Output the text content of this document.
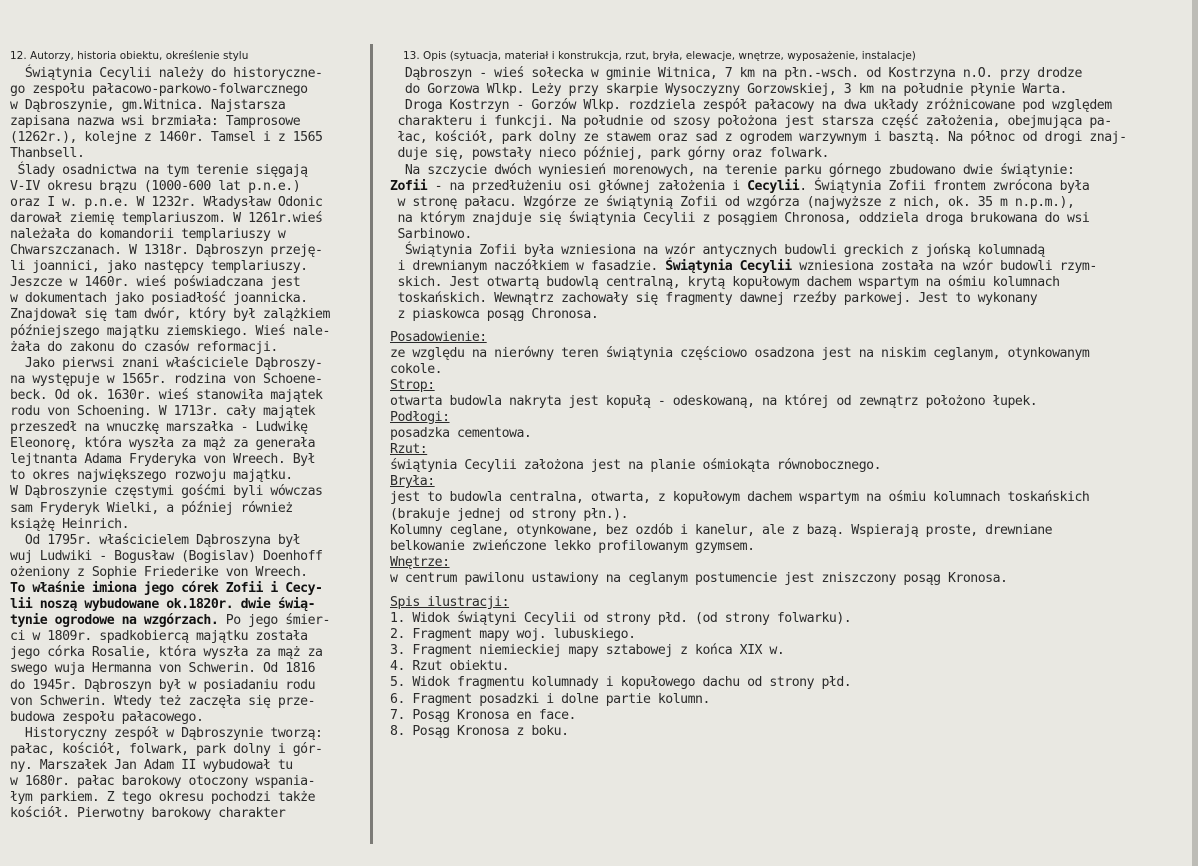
12. Autorzy, historia obiektu, określenie stylu	13. Opis (sytuacja, materiał i konstrukcja, rzut, bryła, elewacje, wnętrze, wyposażenie, instalacje)
Świątynia Cecylii należy do historyczne-
go zespołu pałacowo-parkowo-folwarcznego
w Dąbroszynie, gm.Witnica. Najstarsza
zapisana nazwa wsi brzmiała: Tamprosowe
(1262r.), kolejne z 1460r. Tamsel i z 1565
Thanbsell.
Ślady osadnictwa na tym terenie sięgają
V-IV okresu brązu (1000-600 lat p.n.e.)
oraz I w. p.n.e. W 1232r. Władysław Odonic
darował ziemię templariuszom. W 1261r.wieś
należała do komandorii templariuszy w
Chwarszczanach. W 1318r. Dąbroszyn przeję-
li joannici, jako następcy templariuszy.
Jeszcze w 1460r. wieś poświadczana jest
w dokumentach jako posiadłość joannicka.
Znajdował się tam dwór, który był zalążkiem
późniejszego majątku ziemskiego. Wieś nale-
żała do zakonu do czasów reformacji.
Jako pierwsi znani właściciele Dąbroszy-
na występuje w 1565r. rodzina von Schoene-
beck. Od ok. 1630r. wieś stanowiła majątek
rodu von Schoening. W 1713r. cały majątek
przeszedł na wnuczkę marszałka - Ludwikę
Eleonorę, która wyszła za mąż za generała
lejtnanta Adama Fryderyka von Wreech. Był
to okres największego rozwoju majątku.
W Dąbroszynie częstymi gośćmi byli wówczas
sam Fryderyk Wielki, a później również
książę Heinrich.
Od 1795r. właścicielem Dąbroszyna był
wuj Ludwiki - Bogusław (Bogislav) Doenhoff
ożeniony z Sophie Friederike von Wreech.
To właśnie imiona jego córek Zofii i Cecy-
lii noszą wybudowane ok.1820r. dwie świą-
tynie ogrodowe na wzgórzach. Po jego śmier-
ci w 1809r. spadkobiercą majątku została
jego córka Rosalie, która wyszła za mąż za
swego wuja Hermanna von Schwerin. Od 1816
do 1945r. Dąbroszyn był w posiadaniu rodu
von Schwerin. Wtedy też zaczęła się prze-
budowa zespołu pałacowego.
Historyczny zespół w Dąbroszynie tworzą:
pałac, kościół, folwark, park dolny i gór-
ny. Marszałek Jan Adam II wybudował tu
w 1680r. pałac barokowy otoczony wspania-
łym parkiem. Z tego okresu pochodzi także
kościół. Pierwotny barokowy charakter
Dąbroszyn - wieś sołecka w gminie Witnica, 7 km na płn.-wsch. od Kostrzyna n.O. przy drodze
do Gorzowa Wlkp. Leży przy skarpie Wysoczyzny Gorzowskiej, 3 km na południe płynie Warta.
Droga Kostrzyn - Gorzów Wlkp. rozdziela zespół pałacowy na dwa układy zróżnicowane pod względem
charakteru i funkcji. Na południe od szosy położona jest starsza część założenia, obejmująca pa-
łac, kościół, park dolny ze stawem oraz sad z ogrodem warzywnym i basztą. Na północ od drogi znaj-
duje się, powstały nieco później, park górny oraz folwark.
Na szczycie dwóch wyniesień morenowych, na terenie parku górnego zbudowano dwie świątynie:
Zofii - na przedłużeniu osi głównej założenia i Cecylii. Świątynia Zofii frontem zwrócona była
w stronę pałacu. Wzgórze ze świątynią Zofii od wzgórza (najwyższe z nich, ok. 35 m n.p.m.),
na którym znajduje się świątynia Cecylii z posągiem Chronosa, oddziela droga brukowana do wsi
Sarbinowo.
Świątynia Zofii była wzniesiona na wzór antycznych budowli greckich z jońską kolumnadą
i drewnianym naczółkiem w fasadzie. Świątynia Cecylii wzniesiona została na wzór budowli rzym-
skich. Jest otwartą budowlą centralną, krytą kopułowym dachem wspartym na ośmiu kolumnach
toskańskich. Wewnątrz zachowały się fragmenty dawnej rzeźby parkowej. Jest to wykonany
z piaskowca posąg Chronosa.
Posadowienie:
ze względu na nierówny teren świątynia częściowo osadzona jest na niskim ceglanym, otynkowanym
cokole.
Strop:
otwarta budowla nakryta jest kopułą - odeskowaną, na której od zewnątrz położono łupek.
Podłogi:
posadzka cementowa.
Rzut:
świątynia Cecylii założona jest na planie ośmiokąta równobocznego.
Bryła:
jest to budowla centralna, otwarta, z kopułowym dachem wspartym na ośmiu kolumnach toskańskich
(brakuje jednej od strony płn.).
Kolumny ceglane, otynkowane, bez ozdób i kanelur, ale z bazą. Wspierają proste, drewniane
belkowanie zwieńczone lekko profilowanym gzymsem.
Wnętrze:
w centrum pawilonu ustawiony na ceglanym postumencie jest zniszczony posąg Kronosa.
Spis ilustracji:
1. Widok świątyni Cecylii od strony płd. (od strony folwarku).
2. Fragment mapy woj. lubuskiego.
3. Fragment niemieckiej mapy sztabowej z końca XIX w.
4. Rzut obiektu.
5. Widok fragmentu kolumnady i kopułowego dachu od strony płd.
6. Fragment posadzki i dolne partie kolumn.
7. Posąg Kronosa en face.
8. Posąg Kronosa z boku.
